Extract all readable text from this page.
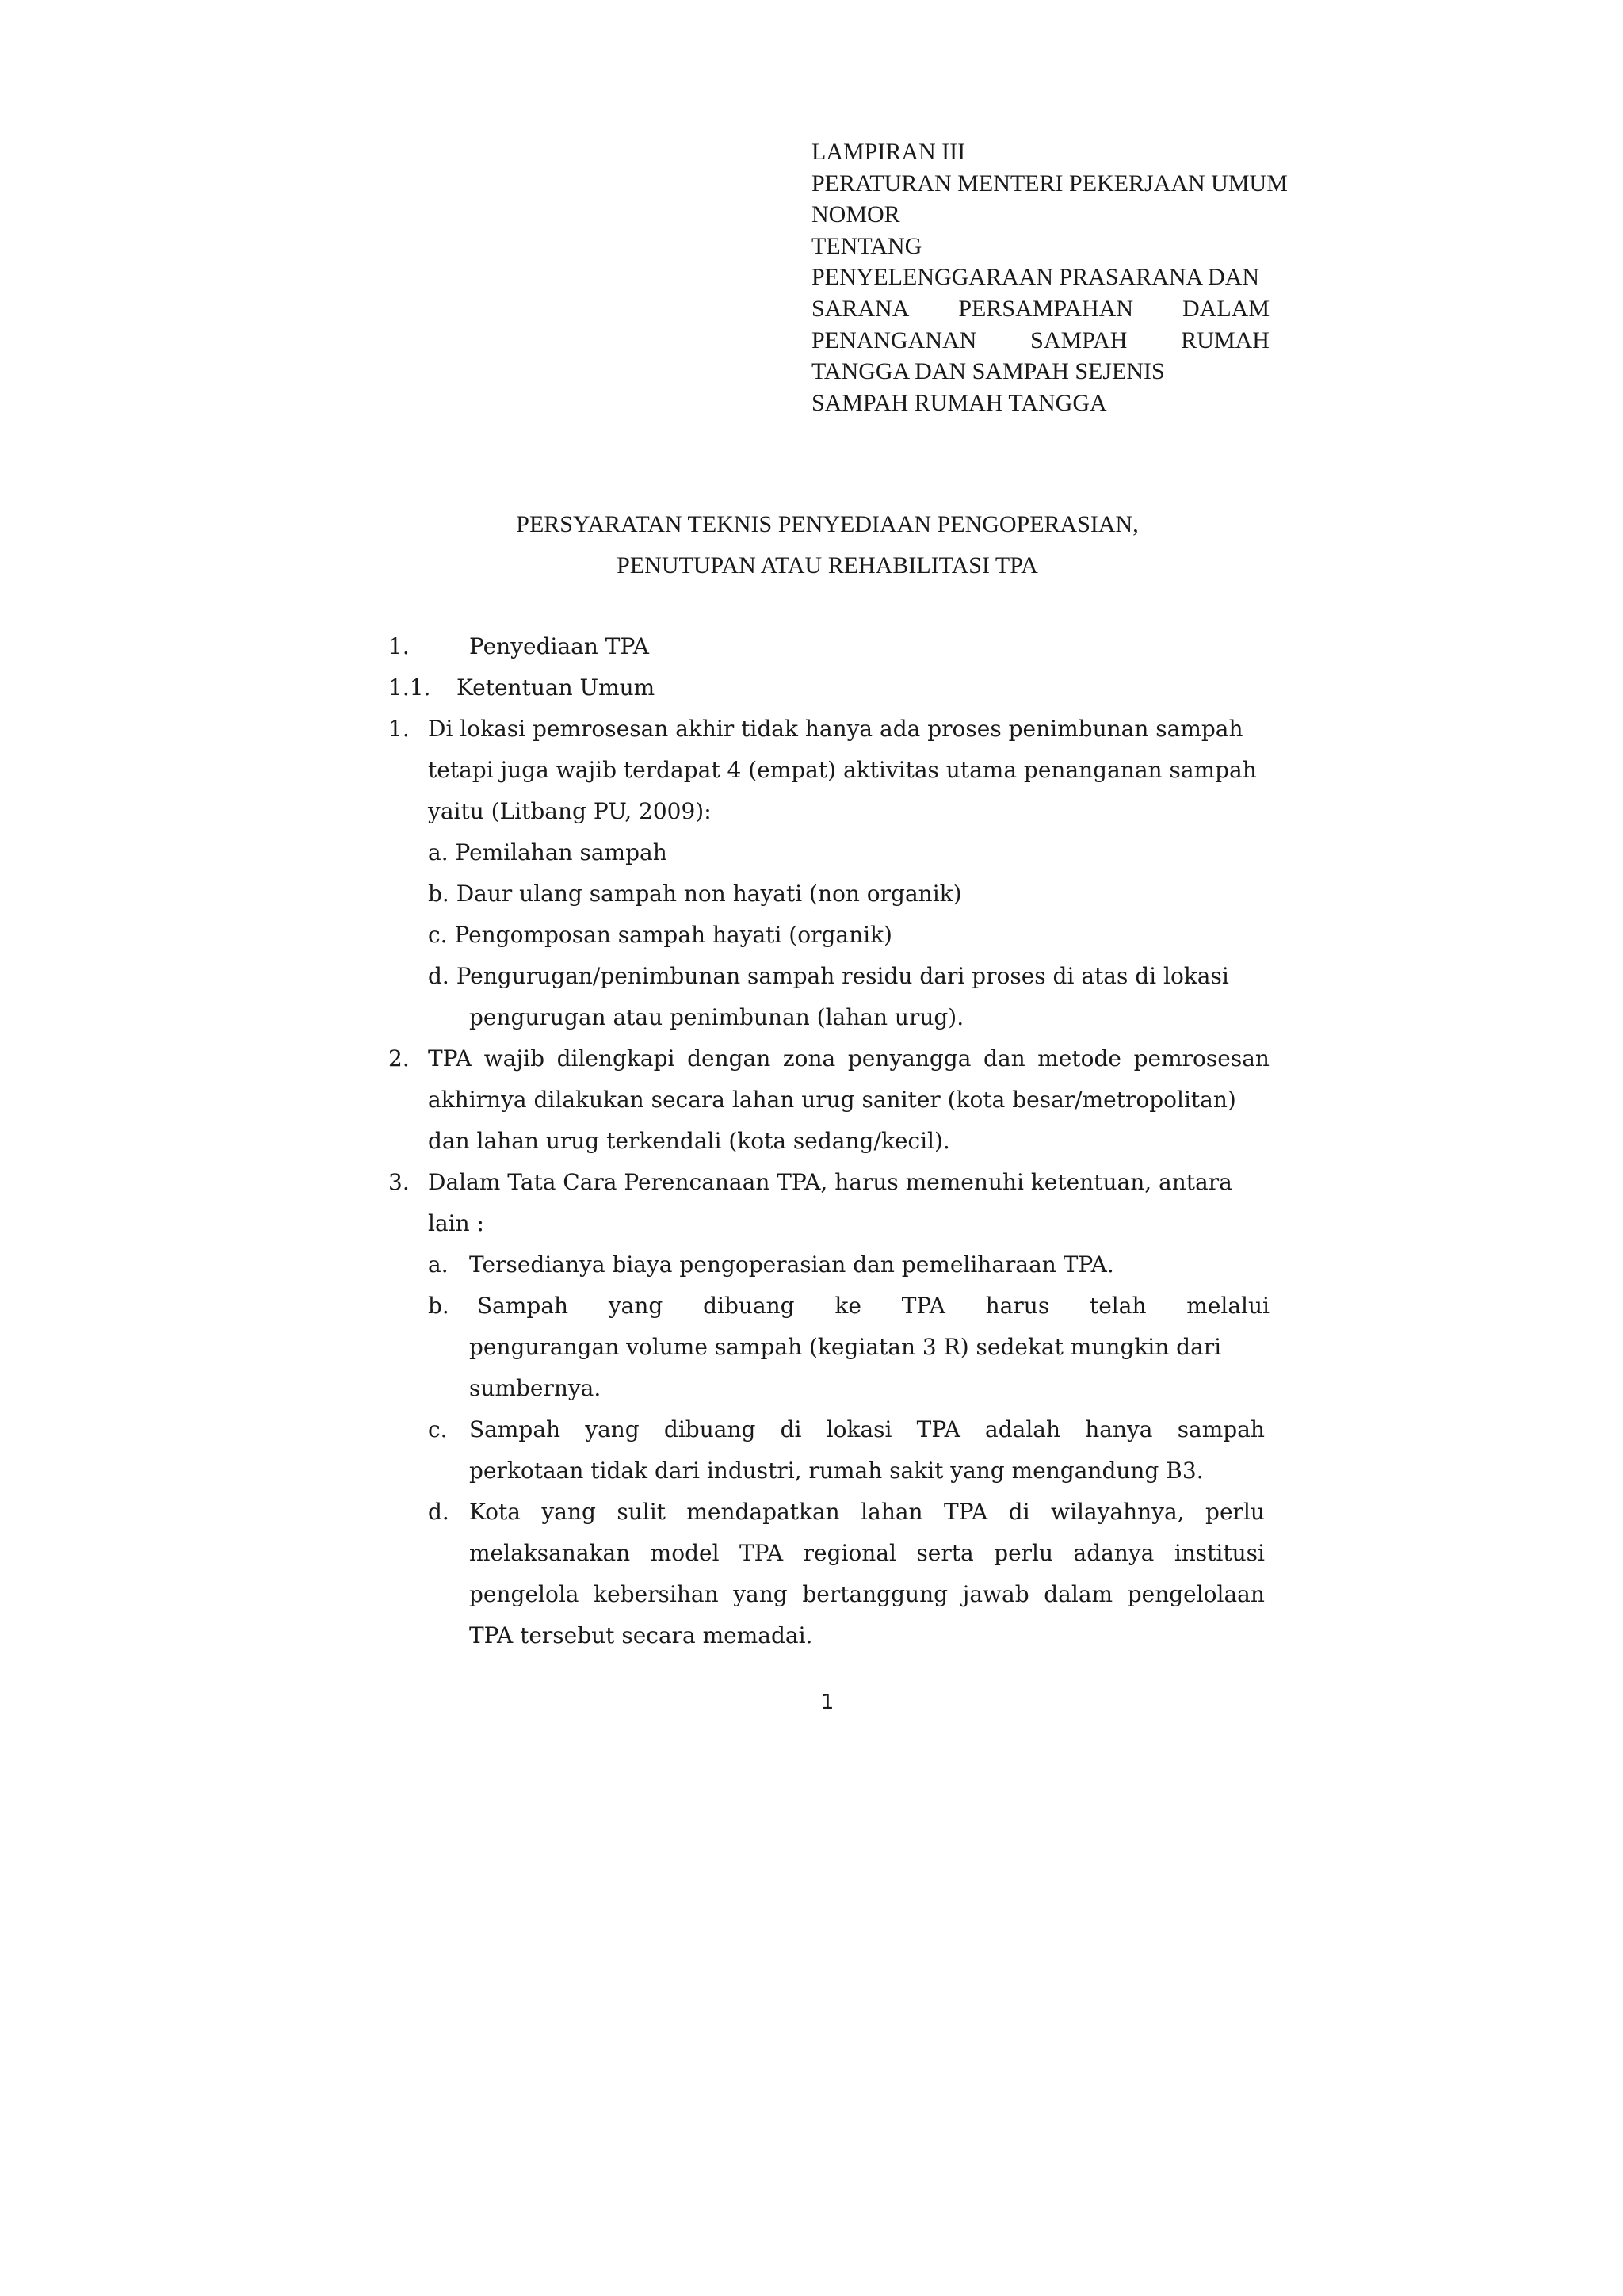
LAMPIRAN III
PERATURAN MENTERI PEKERJAAN UMUM
NOMOR
TENTANG
PENYELENGGARAAN PRASARANA DAN
SARANA PERSAMPAHAN DALAM
PENANGANAN SAMPAH RUMAH
TANGGA DAN SAMPAH SEJENIS
SAMPAH RUMAH TANGGA
PERSYARATAN TEKNIS PENYEDIAAN PENGOPERASIAN,
PENUTUPAN ATAU REHABILITASI TPA
1.	Penyediaan TPA
1.1. Ketentuan Umum
1. Di lokasi pemrosesan akhir tidak hanya ada proses penimbunan sampah
tetapi juga wajib terdapat 4 (empat) aktivitas utama penanganan sampah
yaitu (Litbang PU, 2009):
a. Pemilahan sampah
b. Daur ulang sampah non hayati (non organik)
c. Pengomposan sampah hayati (organik)
d. Pengurugan/penimbunan sampah residu dari proses di atas di lokasi
pengurugan atau penimbunan (lahan urug).
2. TPA wajib dilengkapi dengan zona penyangga dan metode pemrosesan
akhirnya dilakukan secara lahan urug saniter (kota besar/metropolitan)
dan lahan urug terkendali (kota sedang/kecil).
3. Dalam Tata Cara Perencanaan TPA, harus memenuhi ketentuan, antara
lain :
a. Tersedianya biaya pengoperasian dan pemeliharaan TPA.
b. Sampah yang dibuang ke TPA harus telah melalui
pengurangan volume sampah (kegiatan 3 R) sedekat mungkin dari
sumbernya.
c. Sampah yang dibuang di lokasi TPA adalah hanya sampah
perkotaan tidak dari industri, rumah sakit yang mengandung B3.
d. Kota yang sulit mendapatkan lahan TPA di wilayahnya, perlu
melaksanakan model TPA regional serta perlu adanya institusi
pengelola kebersihan yang bertanggung jawab dalam pengelolaan
TPA tersebut secara memadai.
1
